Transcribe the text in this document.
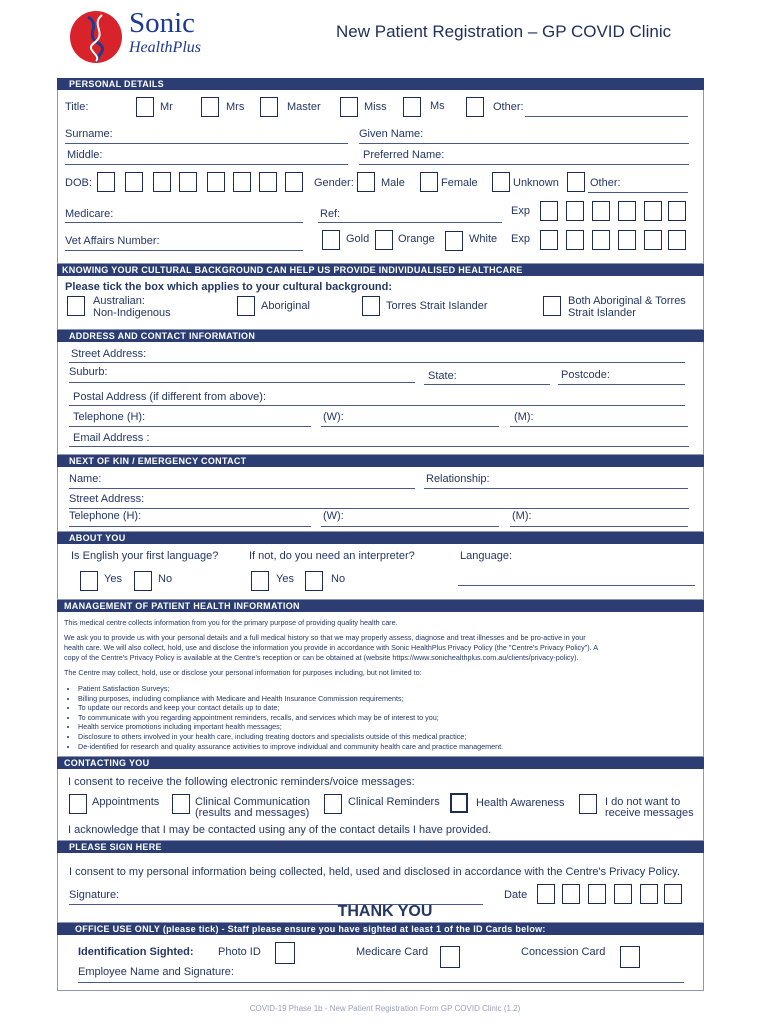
Sonic
HealthPlus
New Patient Registration – GP COVID Clinic
PERSONAL DETAILS
Title:	Mr	Mrs	Master	Miss	Ms	Other:
Surname:	Given Name:
Middle:	Preferred Name:
DOB:	Gender: Male	Female	Unknown	Other:
Medicare:	Ref:	Exp
Vet Affairs Number:	Gold	Orange	White Exp
KNOWING YOUR CULTURAL BACKGROUND CAN HELP US PROVIDE INDIVIDUALISED HEALTHCARE
Please tick the box which applies to your cultural background:
Australian:
Non-Indigenous
Aboriginal	Torres Strait Islander	Both Aboriginal & Torres
Strait Islander
ADDRESS AND CONTACT INFORMATION
Street Address:
Suburb:	State:	Postcode:
Postal Address (if different from above):
Telephone (H):	(W):	(M):
Email Address :
NEXT OF KIN / EMERGENCY CONTACT
Name:	Relationship:
Street Address:
Telephone (H):	(W):	(M):
ABOUT YOU
Is English your first language?	If not, do you need an interpreter?	Language:
Yes	No	Yes	No
MANAGEMENT OF PATIENT HEALTH INFORMATION
This medical centre collects information from you for the primary purpose of providing quality health care.
We ask you to provide us with your personal details and a full medical history so that we may properly assess, diagnose and treat illnesses and be pro-active in your
health care. We will also collect, hold, use and disclose the information you provide in accordance with Sonic HealthPlus Privacy Policy (the "Centre's Privacy Policy"). A
copy of the Centre's Privacy Policy is available at the Centre's reception or can be obtained at (website https://www.sonichealthplus.com.au/clients/privacy-policy).
The Centre may collect, hold, use or disclose your personal information for purposes including, but not limited to:
• Patient Satisfaction Surveys;
• Billing purposes, including compliance with Medicare and Health Insurance Commission requirements;
• To update our records and keep your contact details up to date;
• To communicate with you regarding appointment reminders, recalls, and services which may be of interest to you;
• Health service promotions including important health messages;
• Disclosure to others involved in your health care, including treating doctors and specialists outside of this medical practice;
• De-identified for research and quality assurance activities to improve individual and community health care and practice management.
CONTACTING YOU
I consent to receive the following electronic reminders/voice messages:
Appointments	Clinical Communication
(results and messages)
Clinical Reminders	Health Awareness	I do not want to
receive messages
I acknowledge that I may be contacted using any of the contact details I have provided.
PLEASE SIGN HERE
I consent to my personal information being collected, held, used and disclosed in accordance with the Centre's Privacy Policy.
Signature:	Date
THANK YOU
OFFICE USE ONLY (please tick) - Staff please ensure you have sighted at least 1 of the ID Cards below:
Identification Sighted: Photo ID	Medicare Card	Concession Card
Employee Name and Signature:
COVID-19 Phase 1b - New Patient Registration Form GP COVID Clinic (1.2)
